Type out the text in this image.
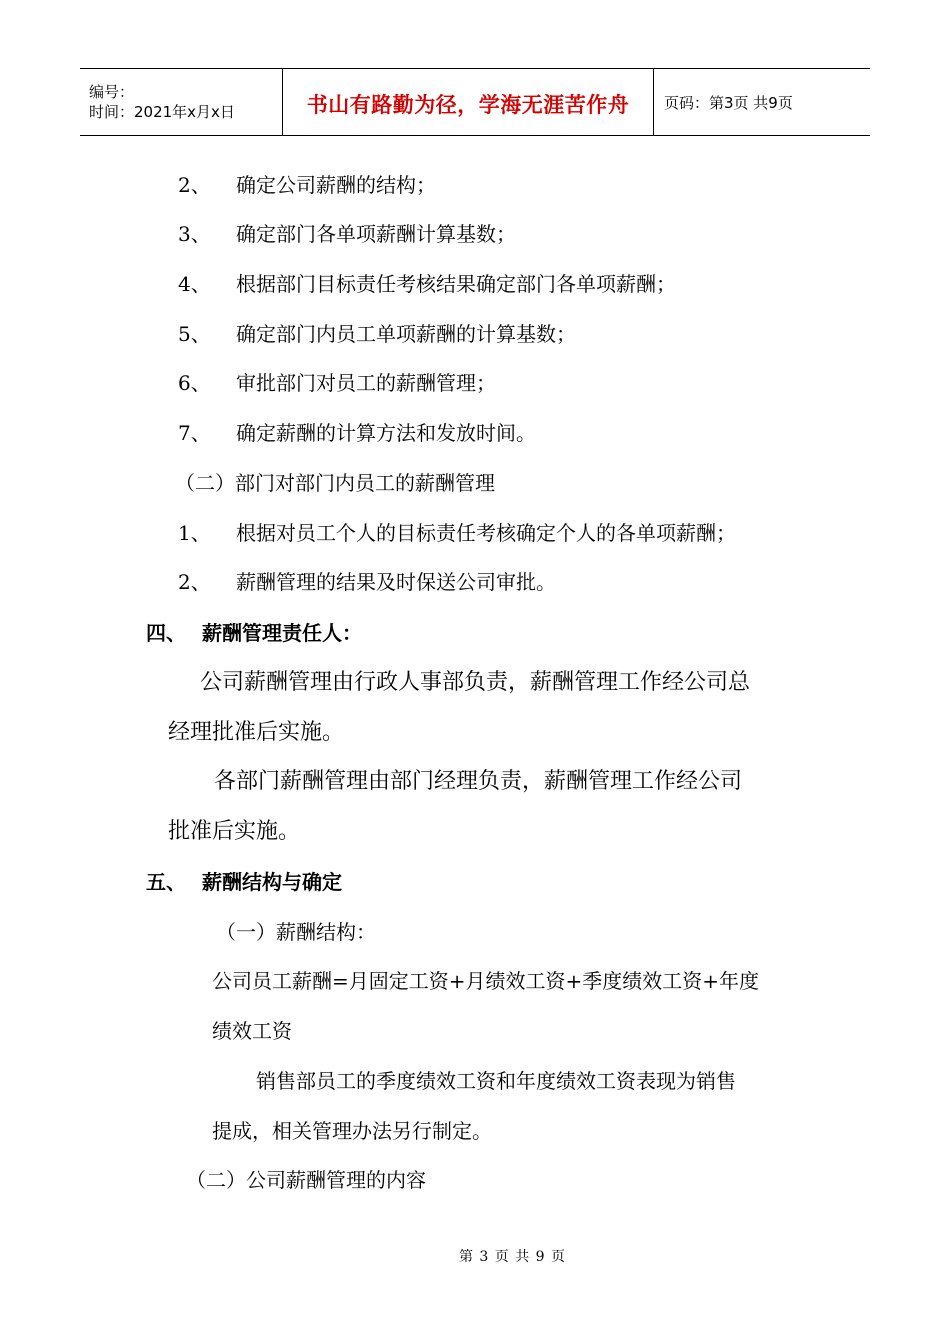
编号：
时间：2021年x月x日	书山有路勤为径，学海无涯苦作舟 页码：第3页 共9页
2、 确定公司薪酬的结构；
3、 确定部门各单项薪酬计算基数；
4、 根据部门目标责任考核结果确定部门各单项薪酬；
5、 确定部门内员工单项薪酬的计算基数；
6、 审批部门对员工的薪酬管理；
7、 确定薪酬的计算方法和发放时间。
（二）部门对部门内员工的薪酬管理
1、 根据对员工个人的目标责任考核确定个人的各单项薪酬；
2、 薪酬管理的结果及时保送公司审批。
四、 薪酬管理责任人：
公司薪酬管理由行政人事部负责，薪酬管理工作经公司总
经理批准后实施。
各部门薪酬管理由部门经理负责，薪酬管理工作经公司
批准后实施。
五、 薪酬结构与确定
（一）薪酬结构：
公司员工薪酬=月固定工资+月绩效工资+季度绩效工资+年度
绩效工资
销售部员工的季度绩效工资和年度绩效工资表现为销售
提成，相关管理办法另行制定。
（二）公司薪酬管理的内容
第 3 页 共 9 页
